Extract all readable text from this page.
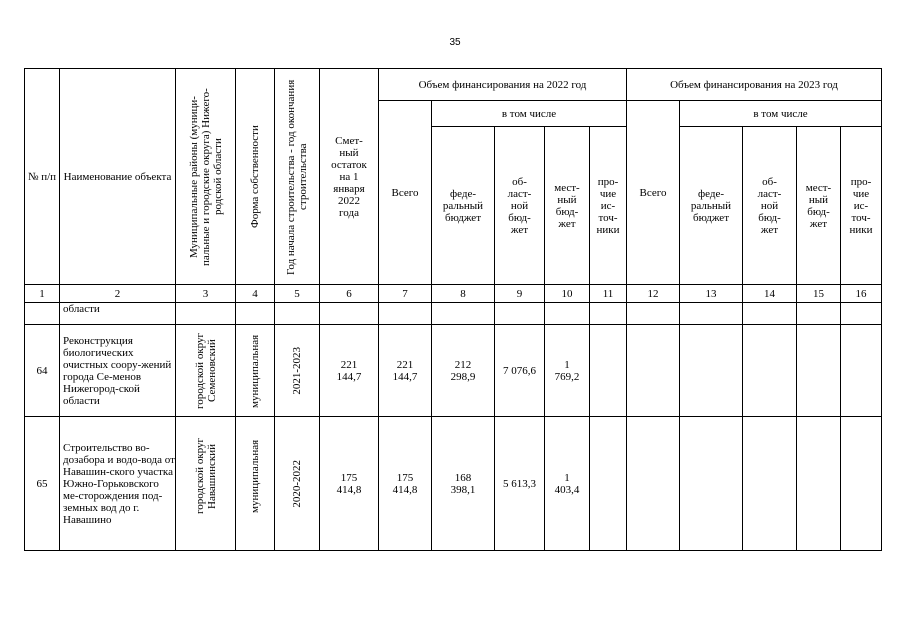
35
№ п/п	Наименование объекта	Муниципальные районы (муници-пальные и городские округа) Нижего-родской области	Форма собственности	Год начала строительства - год окончания строительства	Смет-ный остаток на 1 января 2022 года	Объем финансирования на 2022 год					Объем финансирования на 2023 год				
						Всего	в том числе				Всего	в том числе			

							феде-ральный бюджет	об-ласт-ной бюд-жет	мест-ный бюд-жет	про-чие ис-точ-ники		феде-ральный бюджет	об-ласт-ной бюд-жет	мест-ный бюд-жет	про-чие ис-точ-ники

1	2	3	4	5	6	7	8	9	10	11	12	13	14	15	16
	области														
64	Реконструкция биологических очистных соору-жений города Се-менов Нижегород-ской области	городской округ Семеновский	муниципальная	2021-2023	221 144,7	221 144,7	212 298,9	7 076,6	1 769,2						

65	Строительство во-дозабора и водо-вода от Навашин-ского участка Южно-Горьковского ме-сторождения под-земных вод до г. Навашино	городской округ Навашинский	муниципальная	2020-2022	175 414,8	175 414,8	168 398,1	5 613,3	1 403,4						
